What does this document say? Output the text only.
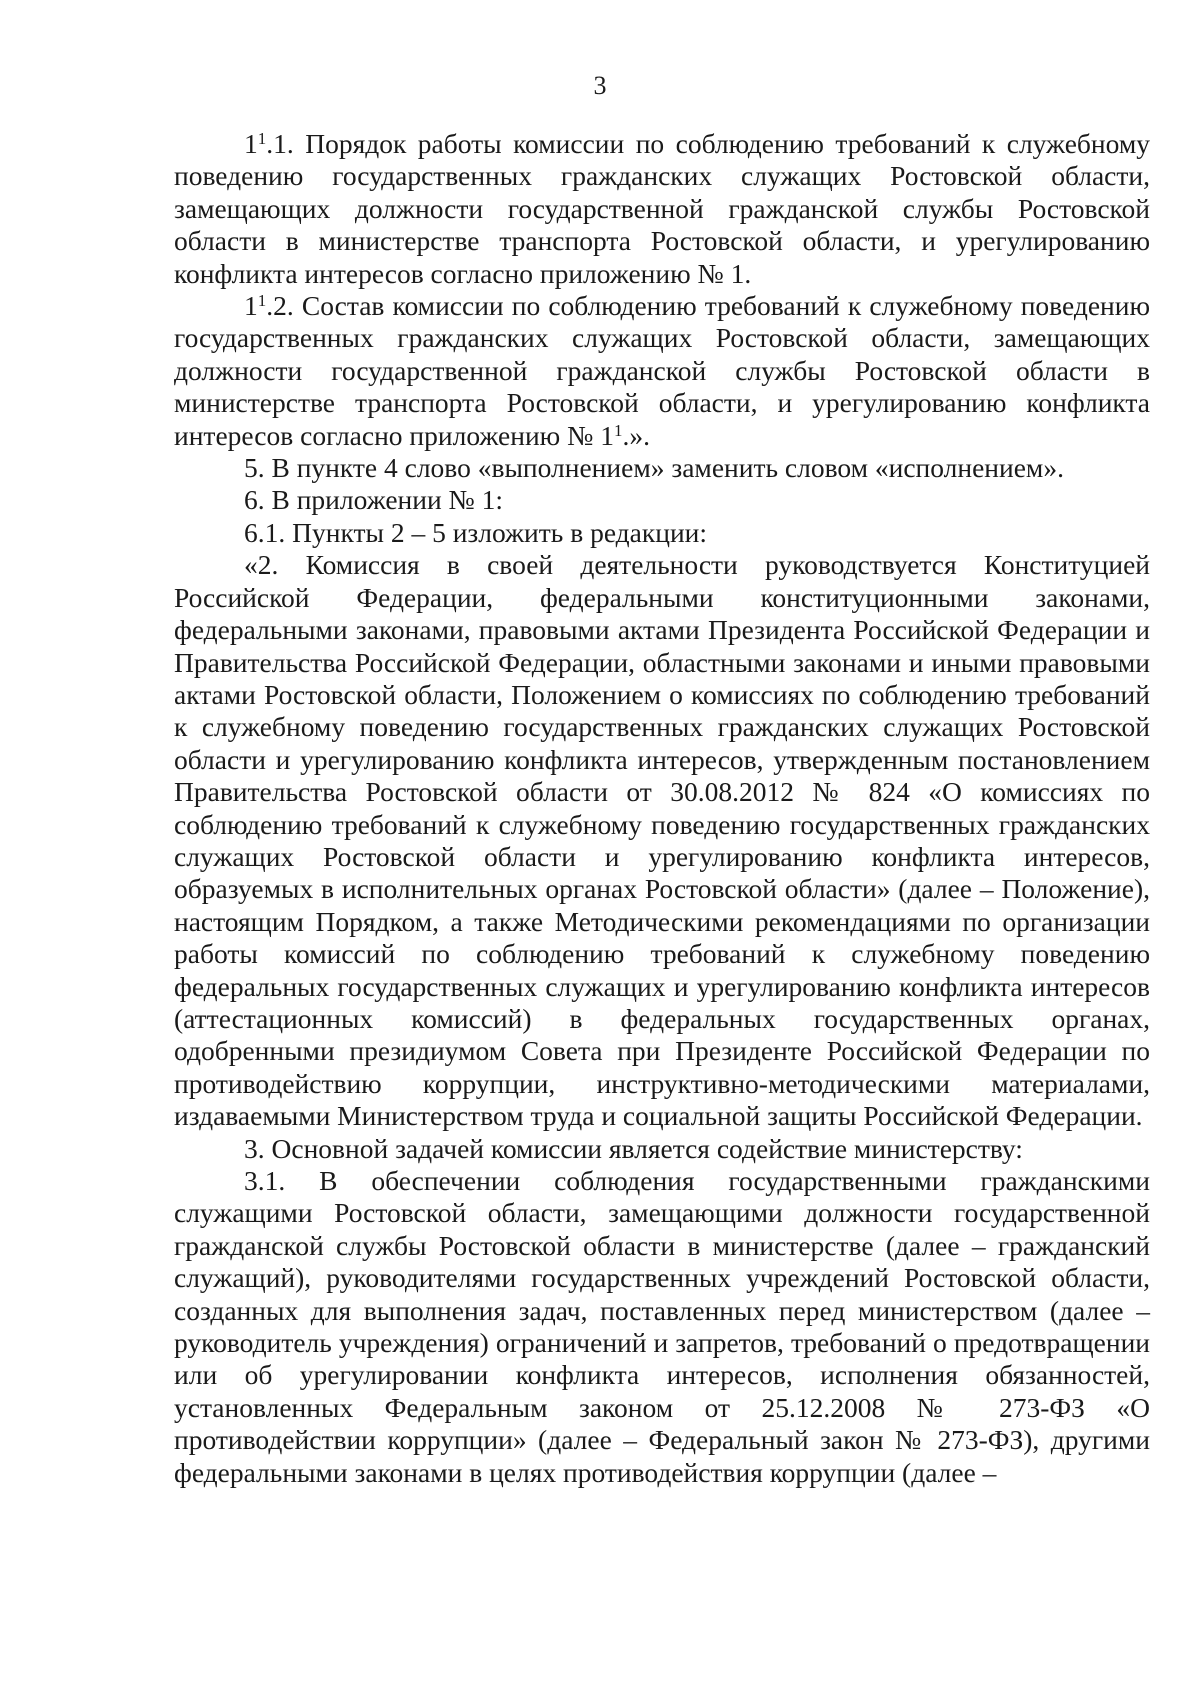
3

$1^1.1$. Порядок работы комиссии по соблюдению требований к служебному поведению государственных гражданских служащих Ростовской области, замещающих должности государственной гражданской службы Ростовской области в министерстве транспорта Ростовской области, и урегулированию конфликта интересов согласно приложению № 1.

$1^1.2$. Состав комиссии по соблюдению требований к служебному поведению государственных гражданских служащих Ростовской области, замещающих должности государственной гражданской службы Ростовской области в министерстве транспорта Ростовской области, и урегулированию конфликта интересов согласно приложению № $1^1$.».

5. В пункте 4 слово «выполнением» заменить словом «исполнением».

6. В приложении № 1:

6.1. Пункты 2 – 5 изложить в редакции:

«2. Комиссия в своей деятельности руководствуется Конституцией Российской Федерации, федеральными конституционными законами, федеральными законами, правовыми актами Президента Российской Федерации и Правительства Российской Федерации, областными законами и иными правовыми актами Ростовской области, Положением о комиссиях по соблюдению требований к служебному поведению государственных гражданских служащих Ростовской области и урегулированию конфликта интересов, утвержденным постановлением Правительства Ростовской области от 30.08.2012 № 824 «О комиссиях по соблюдению требований к служебному поведению государственных гражданских служащих Ростовской области и урегулированию конфликта интересов, образуемых в исполнительных органах Ростовской области» (далее – Положение), настоящим Порядком, а также Методическими рекомендациями по организации работы комиссий по соблюдению требований к служебному поведению федеральных государственных служащих и урегулированию конфликта интересов (аттестационных комиссий) в федеральных государственных органах, одобренными президиумом Совета при Президенте Российской Федерации по противодействию коррупции, инструктивно-методическими материалами, издаваемыми Министерством труда и социальной защиты Российской Федерации.

3. Основной задачей комиссии является содействие министерству:

3.1. В обеспечении соблюдения государственными гражданскими служащими Ростовской области, замещающими должности государственной гражданской службы Ростовской области в министерстве (далее – гражданский служащий), руководителями государственных учреждений Ростовской области, созданных для выполнения задач, поставленных перед министерством (далее – руководитель учреждения) ограничений и запретов, требований о предотвращении или об урегулировании конфликта интересов, исполнения обязанностей, установленных Федеральным законом от 25.12.2008 № 273-ФЗ «О противодействии коррупции» (далее – Федеральный закон № 273-ФЗ), другими федеральными законами в целях противодействия коррупции (далее –
